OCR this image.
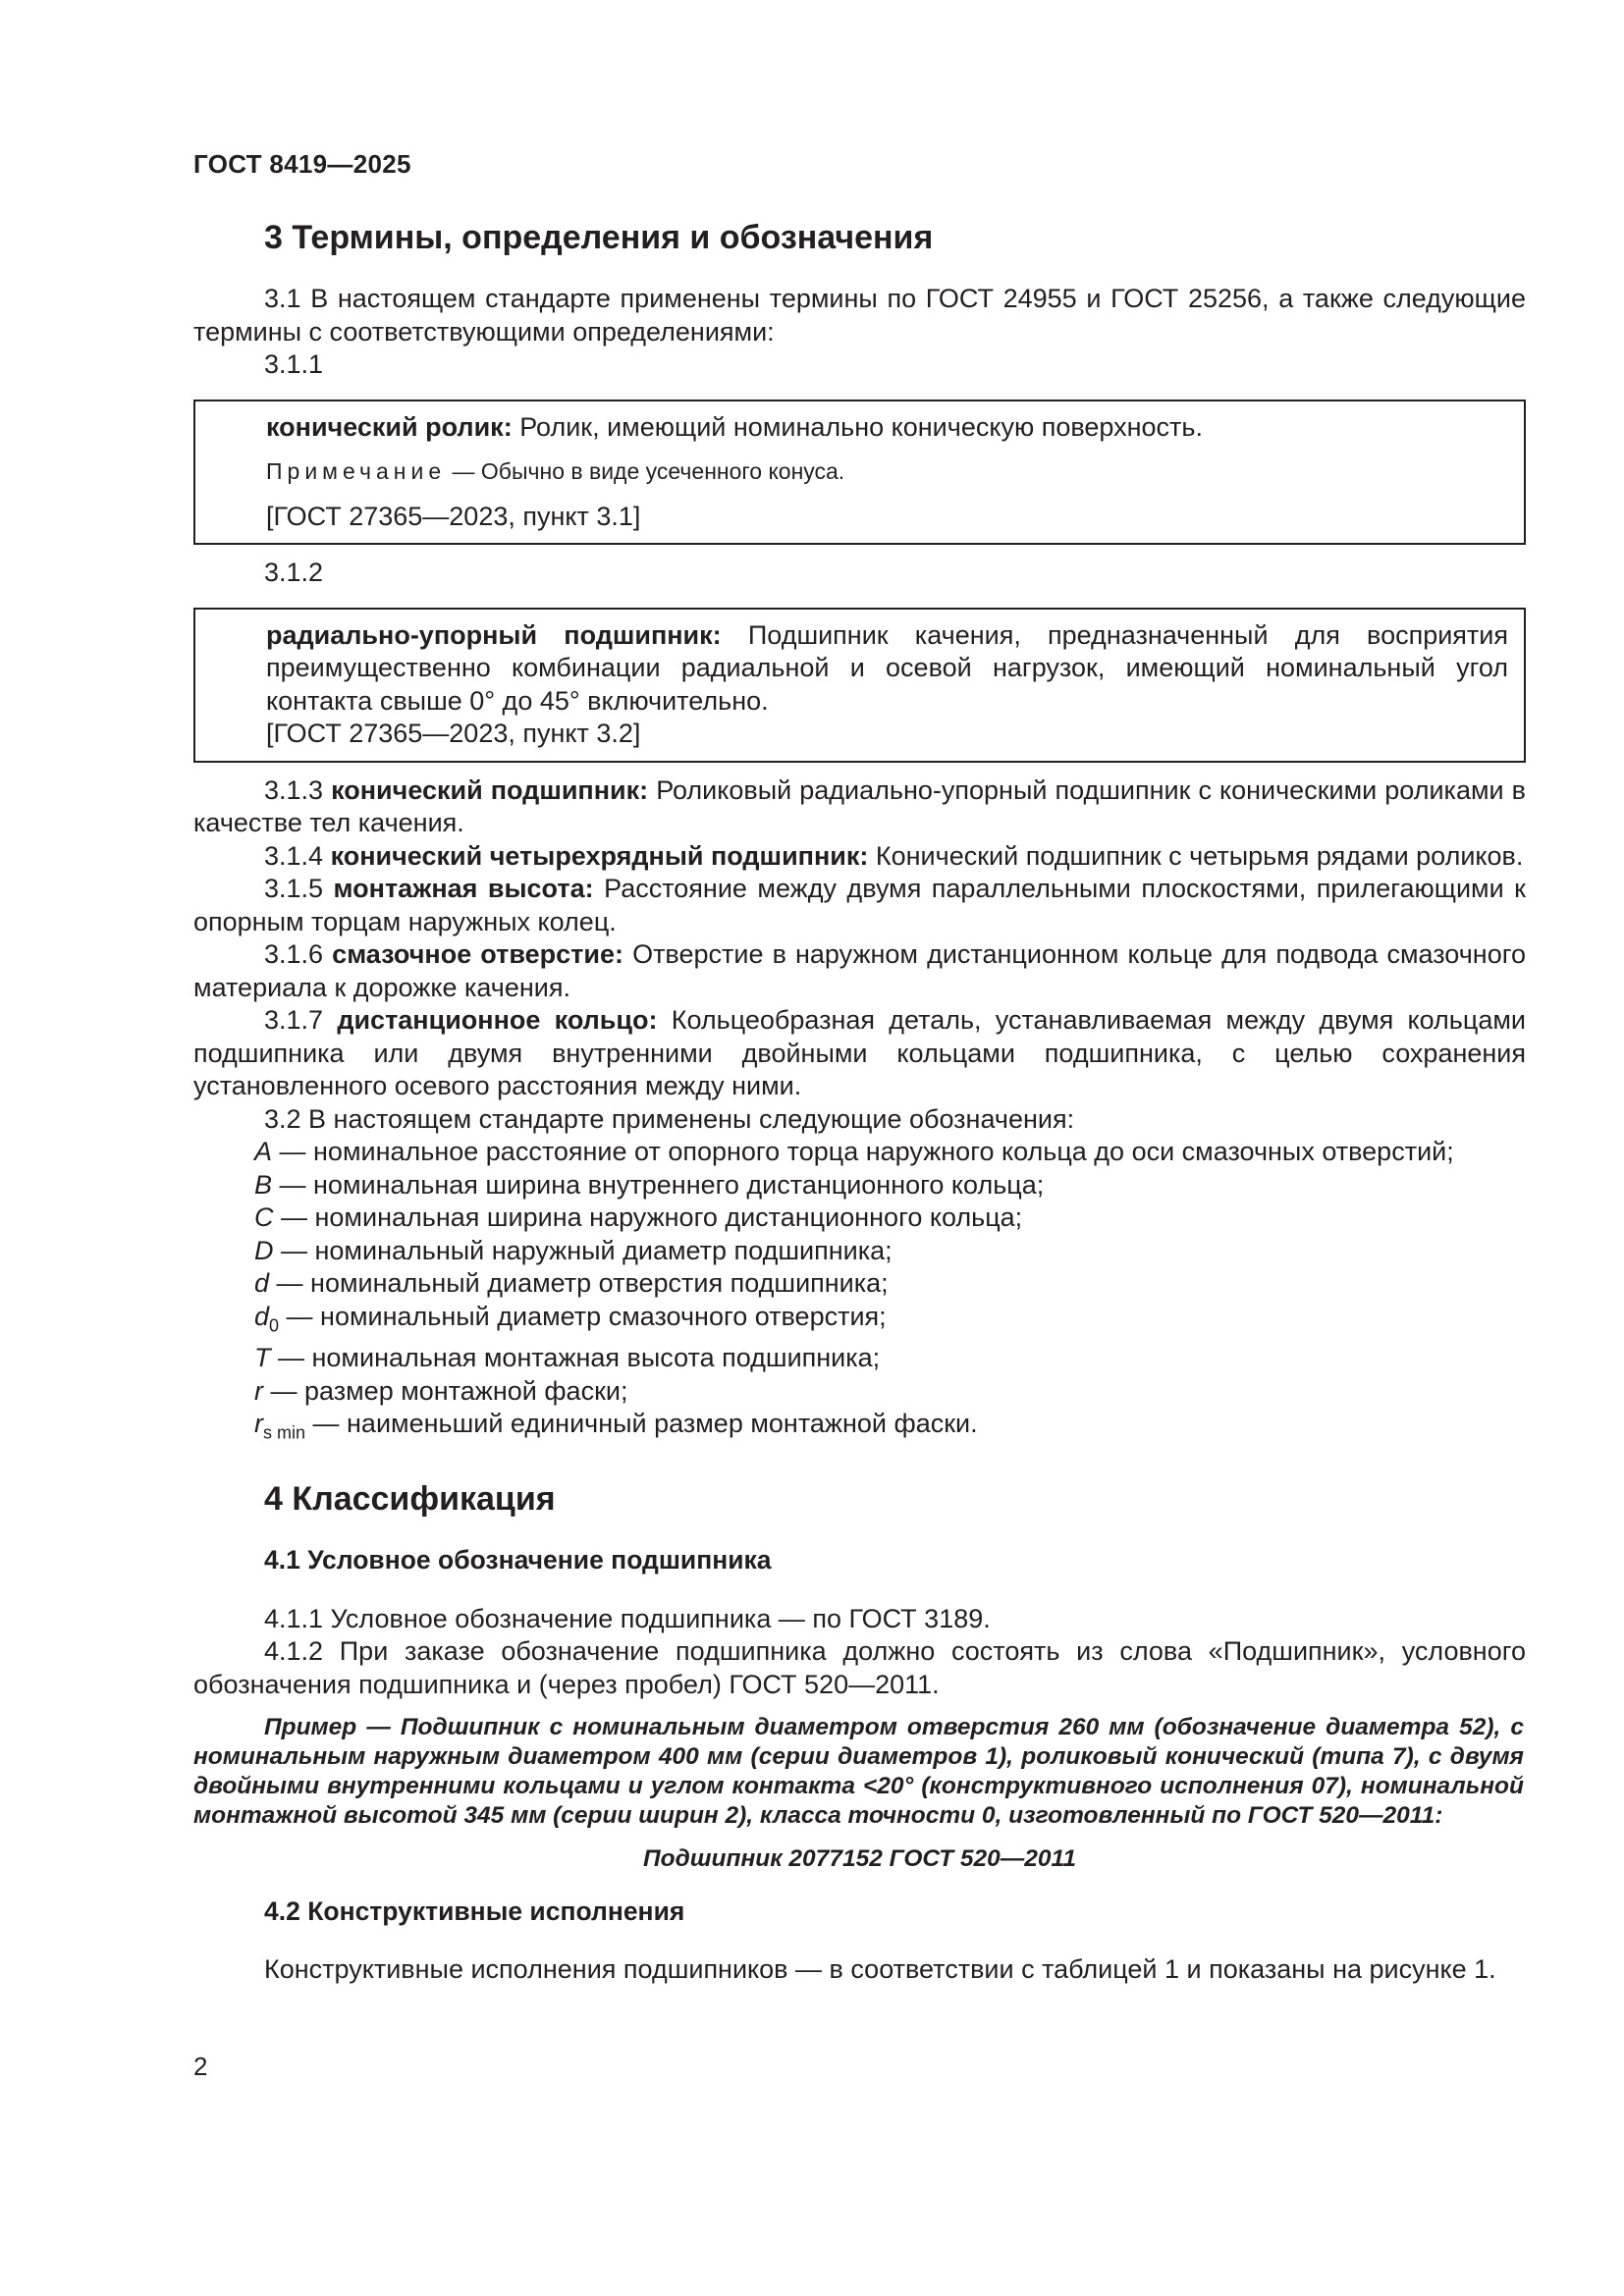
ГОСТ 8419—2025
3 Термины, определения и обозначения

3.1 В настоящем стандарте применены термины по ГОСТ 24955 и ГОСТ 25256, а также следующие термины с соответствующими определениями:

3.1.1

конический ролик: Ролик, имеющий номинально коническую поверхность.

Примечание — Обычно в виде усеченного конуса.

[ГОСТ 27365—2023, пункт 3.1]

3.1.2

радиально-упорный подшипник: Подшипник качения, предназначенный для восприятия преимущественно комбинации радиальной и осевой нагрузок, имеющий номинальный угол контакта свыше 0° до 45° включительно.

[ГОСТ 27365—2023, пункт 3.2]

3.1.3 конический подшипник: Роликовый радиально-упорный подшипник с коническими роликами в качестве тел качения.

3.1.4 конический четырехрядный подшипник: Конический подшипник с четырьмя рядами роликов.

3.1.5 монтажная высота: Расстояние между двумя параллельными плоскостями, прилегающими к опорным торцам наружных колец.

3.1.6 смазочное отверстие: Отверстие в наружном дистанционном кольце для подвода смазочного материала к дорожке качения.

3.1.7 дистанционное кольцо: Кольцеобразная деталь, устанавливаемая между двумя кольцами подшипника или двумя внутренними двойными кольцами подшипника, с целью сохранения установленного осевого расстояния между ними.

3.2 В настоящем стандарте применены следующие обозначения:

A — номинальное расстояние от опорного торца наружного кольца до оси смазочных отверстий;

B — номинальная ширина внутреннего дистанционного кольца;

C — номинальная ширина наружного дистанционного кольца;

D — номинальный наружный диаметр подшипника;

d — номинальный диаметр отверстия подшипника;

$d_0$ — номинальный диаметр смазочного отверстия;

T — номинальная монтажная высота подшипника;

r — размер монтажной фаски;

$r_{s min}$ — наименьший единичный размер монтажной фаски.

4 Классификация
4.1 Условное обозначение подшипника

4.1.1 Условное обозначение подшипника — по ГОСТ 3189.

4.1.2 При заказе обозначение подшипника должно состоять из слова «Подшипник», условного обозначения подшипника и (через пробел) ГОСТ 520—2011.

Пример — Подшипник с номинальным диаметром отверстия 260 мм (обозначение диаметра 52), с номинальным наружным диаметром 400 мм (серии диаметров 1), роликовый конический (типа 7), с двумя двойными внутренними кольцами и углом контакта <20° (конструктивного исполнения 07), номинальной монтажной высотой 345 мм (серии ширин 2), класса точности 0, изготовленный по ГОСТ 520—2011:

Подшипник 2077152 ГОСТ 520—2011

4.2 Конструктивные исполнения

Конструктивные исполнения подшипников — в соответствии с таблицей 1 и показаны на рисунке 1.

2
